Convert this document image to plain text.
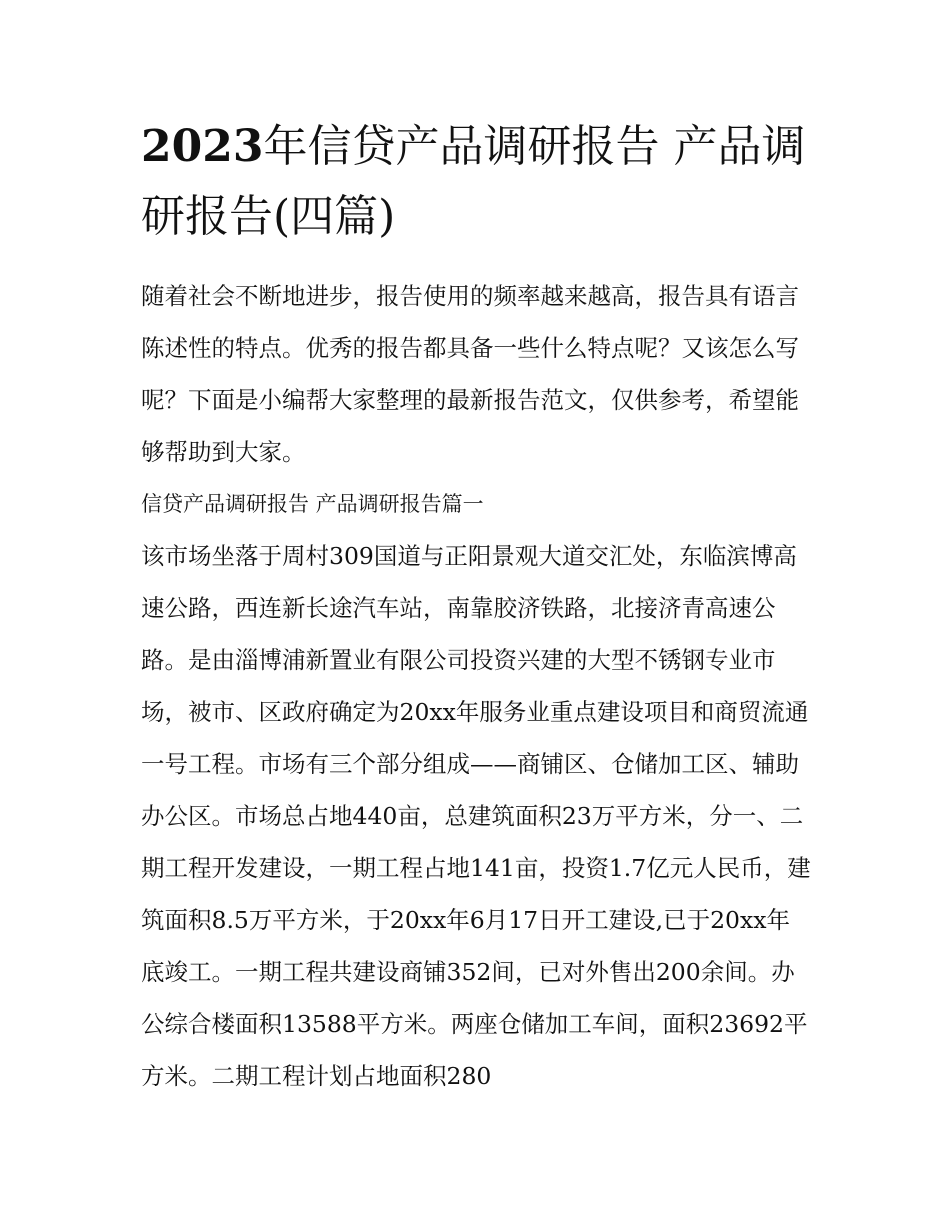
2023年信贷产品调研报告 产品调研报告(四篇)

随着社会不断地进步，报告使用的频率越来越高，报告具有语言陈述性的特点。优秀的报告都具备一些什么特点呢？又该怎么写呢？下面是小编帮大家整理的最新报告范文，仅供参考，希望能够帮助到大家。

信贷产品调研报告 产品调研报告篇一

该市场坐落于周村309国道与正阳景观大道交汇处，东临滨博高速公路，西连新长途汽车站，南靠胶济铁路，北接济青高速公路。是由淄博浦新置业有限公司投资兴建的大型不锈钢专业市场，被市、区政府确定为20xx年服务业重点建设项目和商贸流通一号工程。市场有三个部分组成——商铺区、仓储加工区、辅助办公区。市场总占地440亩，总建筑面积23万平方米，分一、二期工程开发建设，一期工程占地141亩，投资1.7亿元人民币，建筑面积8.5万平方米，于20xx年6月17日开工建设,已于20xx年底竣工。一期工程共建设商铺352间，已对外售出200余间。办公综合楼面积13588平方米。两座仓储加工车间，面积23692平方米。二期工程计划占地面积280
